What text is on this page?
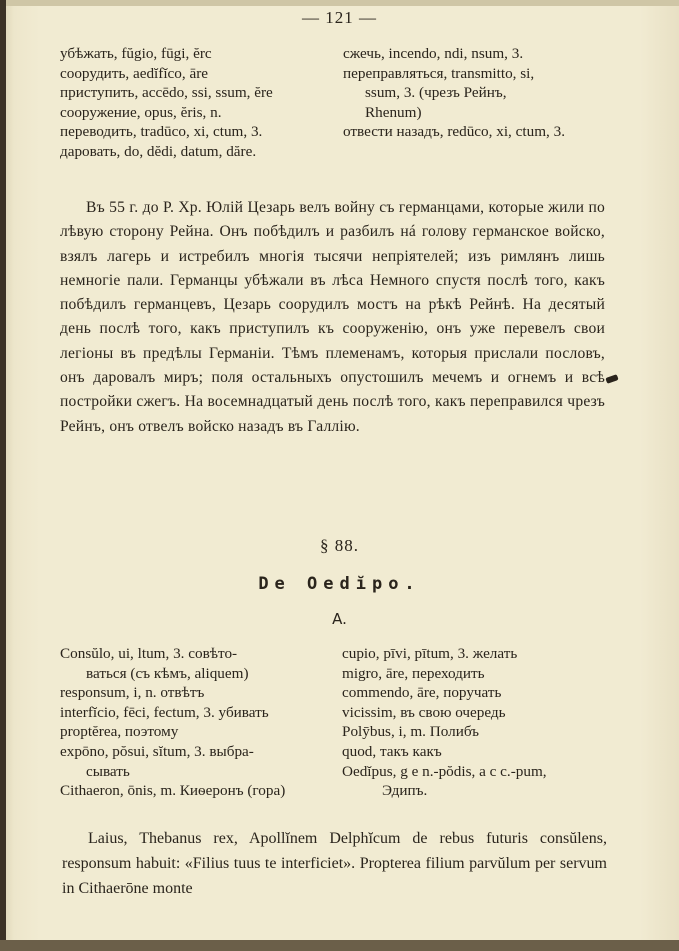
— 121 —
убѣжать, fŭgio, fūgi, ĕrc
соорудить, aedĭfĭco, āre
приступить, accēdo, ssi, ssum, ĕre
сооружение, opus, ĕris, n.
переводить, tradūco, xi, ctum, 3.
даровать, do, dĕdi, datum, dăre.
сжечь, incendo, ndi, nsum, 3.
переправляться, transmitto, si,
ssum, 3. (чрезъ Рейнъ,
Rhenum)
отвести назадъ, redūco, xi, ctum, 3.
Въ 55 г. до Р. Хр. Юлій Цезарь велъ войну съ германцами, которые жили по лѣвую сторону Рейна. Онъ побѣдилъ и разбилъ нá голову германское войско, взялъ лагерь и истребилъ многія тысячи непріятелей; изъ римлянъ лишь немногіе пали. Германцы убѣжали въ лѣса Немного спустя послѣ того, какъ побѣдилъ германцевъ, Цезарь соорудилъ мостъ на рѣкѣ Рейнѣ. На десятый день послѣ того, какъ приступилъ къ сооруженію, онъ уже перевелъ свои легіоны въ предѣлы Германіи. Тѣмъ племенамъ, которыя прислали пословъ, онъ даровалъ миръ; поля остальныхъ опустошилъ мечемъ и огнемъ и всѣ постройки сжегъ. На восемнадцатый день послѣ того, какъ переправился чрезъ Рейнъ, онъ отвелъ войско назадъ въ Галлію.
§ 88.
De Oedĭpo.
A.
Consŭlo, ui, ltum, 3. совѣто-
ваться (съ кѣмъ, aliquem)
responsum, i, n. отвѣтъ
interfĭcio, fēci, fectum, 3. убивать
proptĕrea, поэтому
expōno, pŏsui, sĭtum, 3. выбра-
сывать
Cithaeron, ōnis, m. Киѳеронъ (гора)
cupio, pīvi, pītum, 3. желать
migro, āre, переходить
commendo, āre, поручать
vicissim, въ свою очередь
Polȳbus, i, m. Полибъ
quod, такъ какъ
Oedĭpus, g e n.-pŏdis, a c c.-pum,
Эдипъ.
Laius, Thebanus rex, Apollĭnem Delphĭcum de rebus futuris consŭlens, responsum habuit: «Filius tuus te interficiet». Propterea filium parvŭlum per servum in Cithaerōne monte
